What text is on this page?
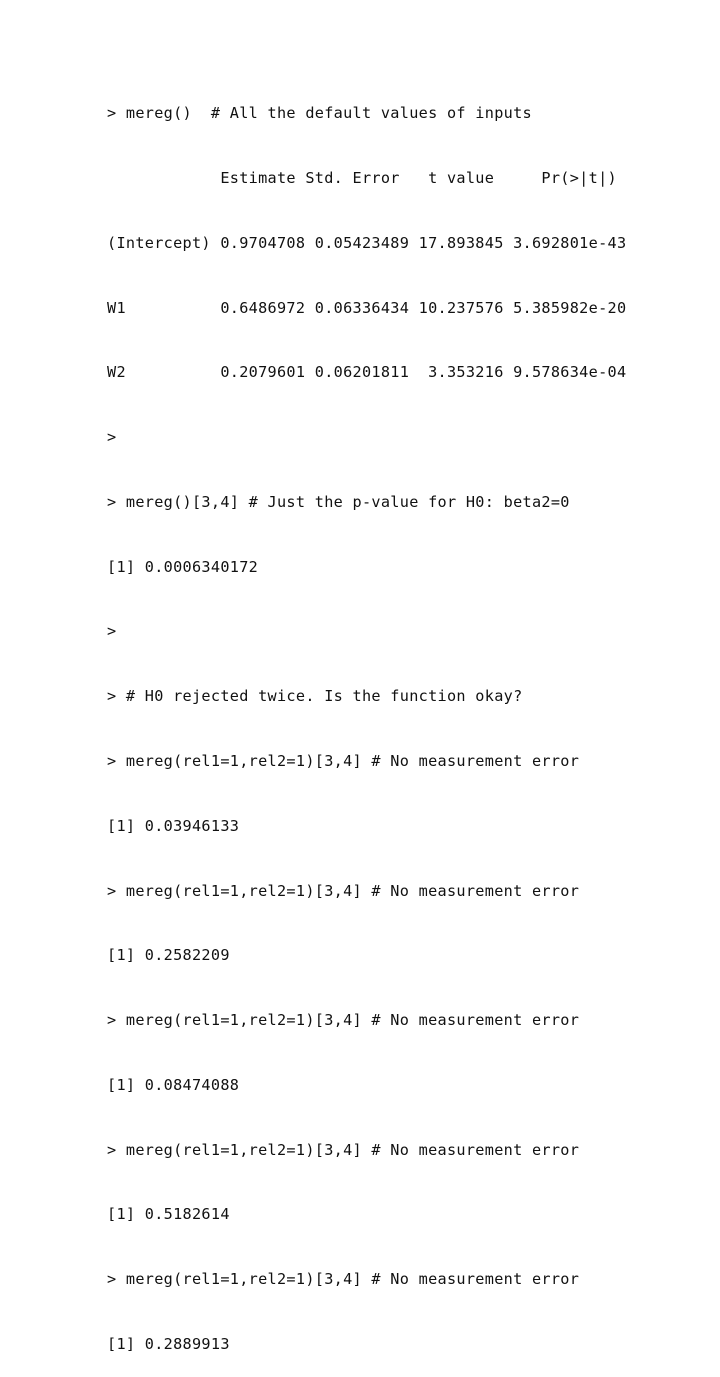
> mereg()  # All the default values of inputs

Estimate Std. Error   t value     Pr(>|t|)

(Intercept) 0.9704708 0.05423489 17.893845 3.692801e-43

W1          0.6486972 0.06336434 10.237576 5.385982e-20

W2          0.2079601 0.06201811  3.353216 9.578634e-04

>

> mereg()[3,4] # Just the p-value for H0: beta2=0

[1] 0.0006340172

>

> # H0 rejected twice. Is the function okay?

> mereg(rel1=1,rel2=1)[3,4] # No measurement error

[1] 0.03946133

> mereg(rel1=1,rel2=1)[3,4] # No measurement error

[1] 0.2582209

> mereg(rel1=1,rel2=1)[3,4] # No measurement error

[1] 0.08474088

> mereg(rel1=1,rel2=1)[3,4] # No measurement error

[1] 0.5182614

> mereg(rel1=1,rel2=1)[3,4] # No measurement error

[1] 0.2889913
